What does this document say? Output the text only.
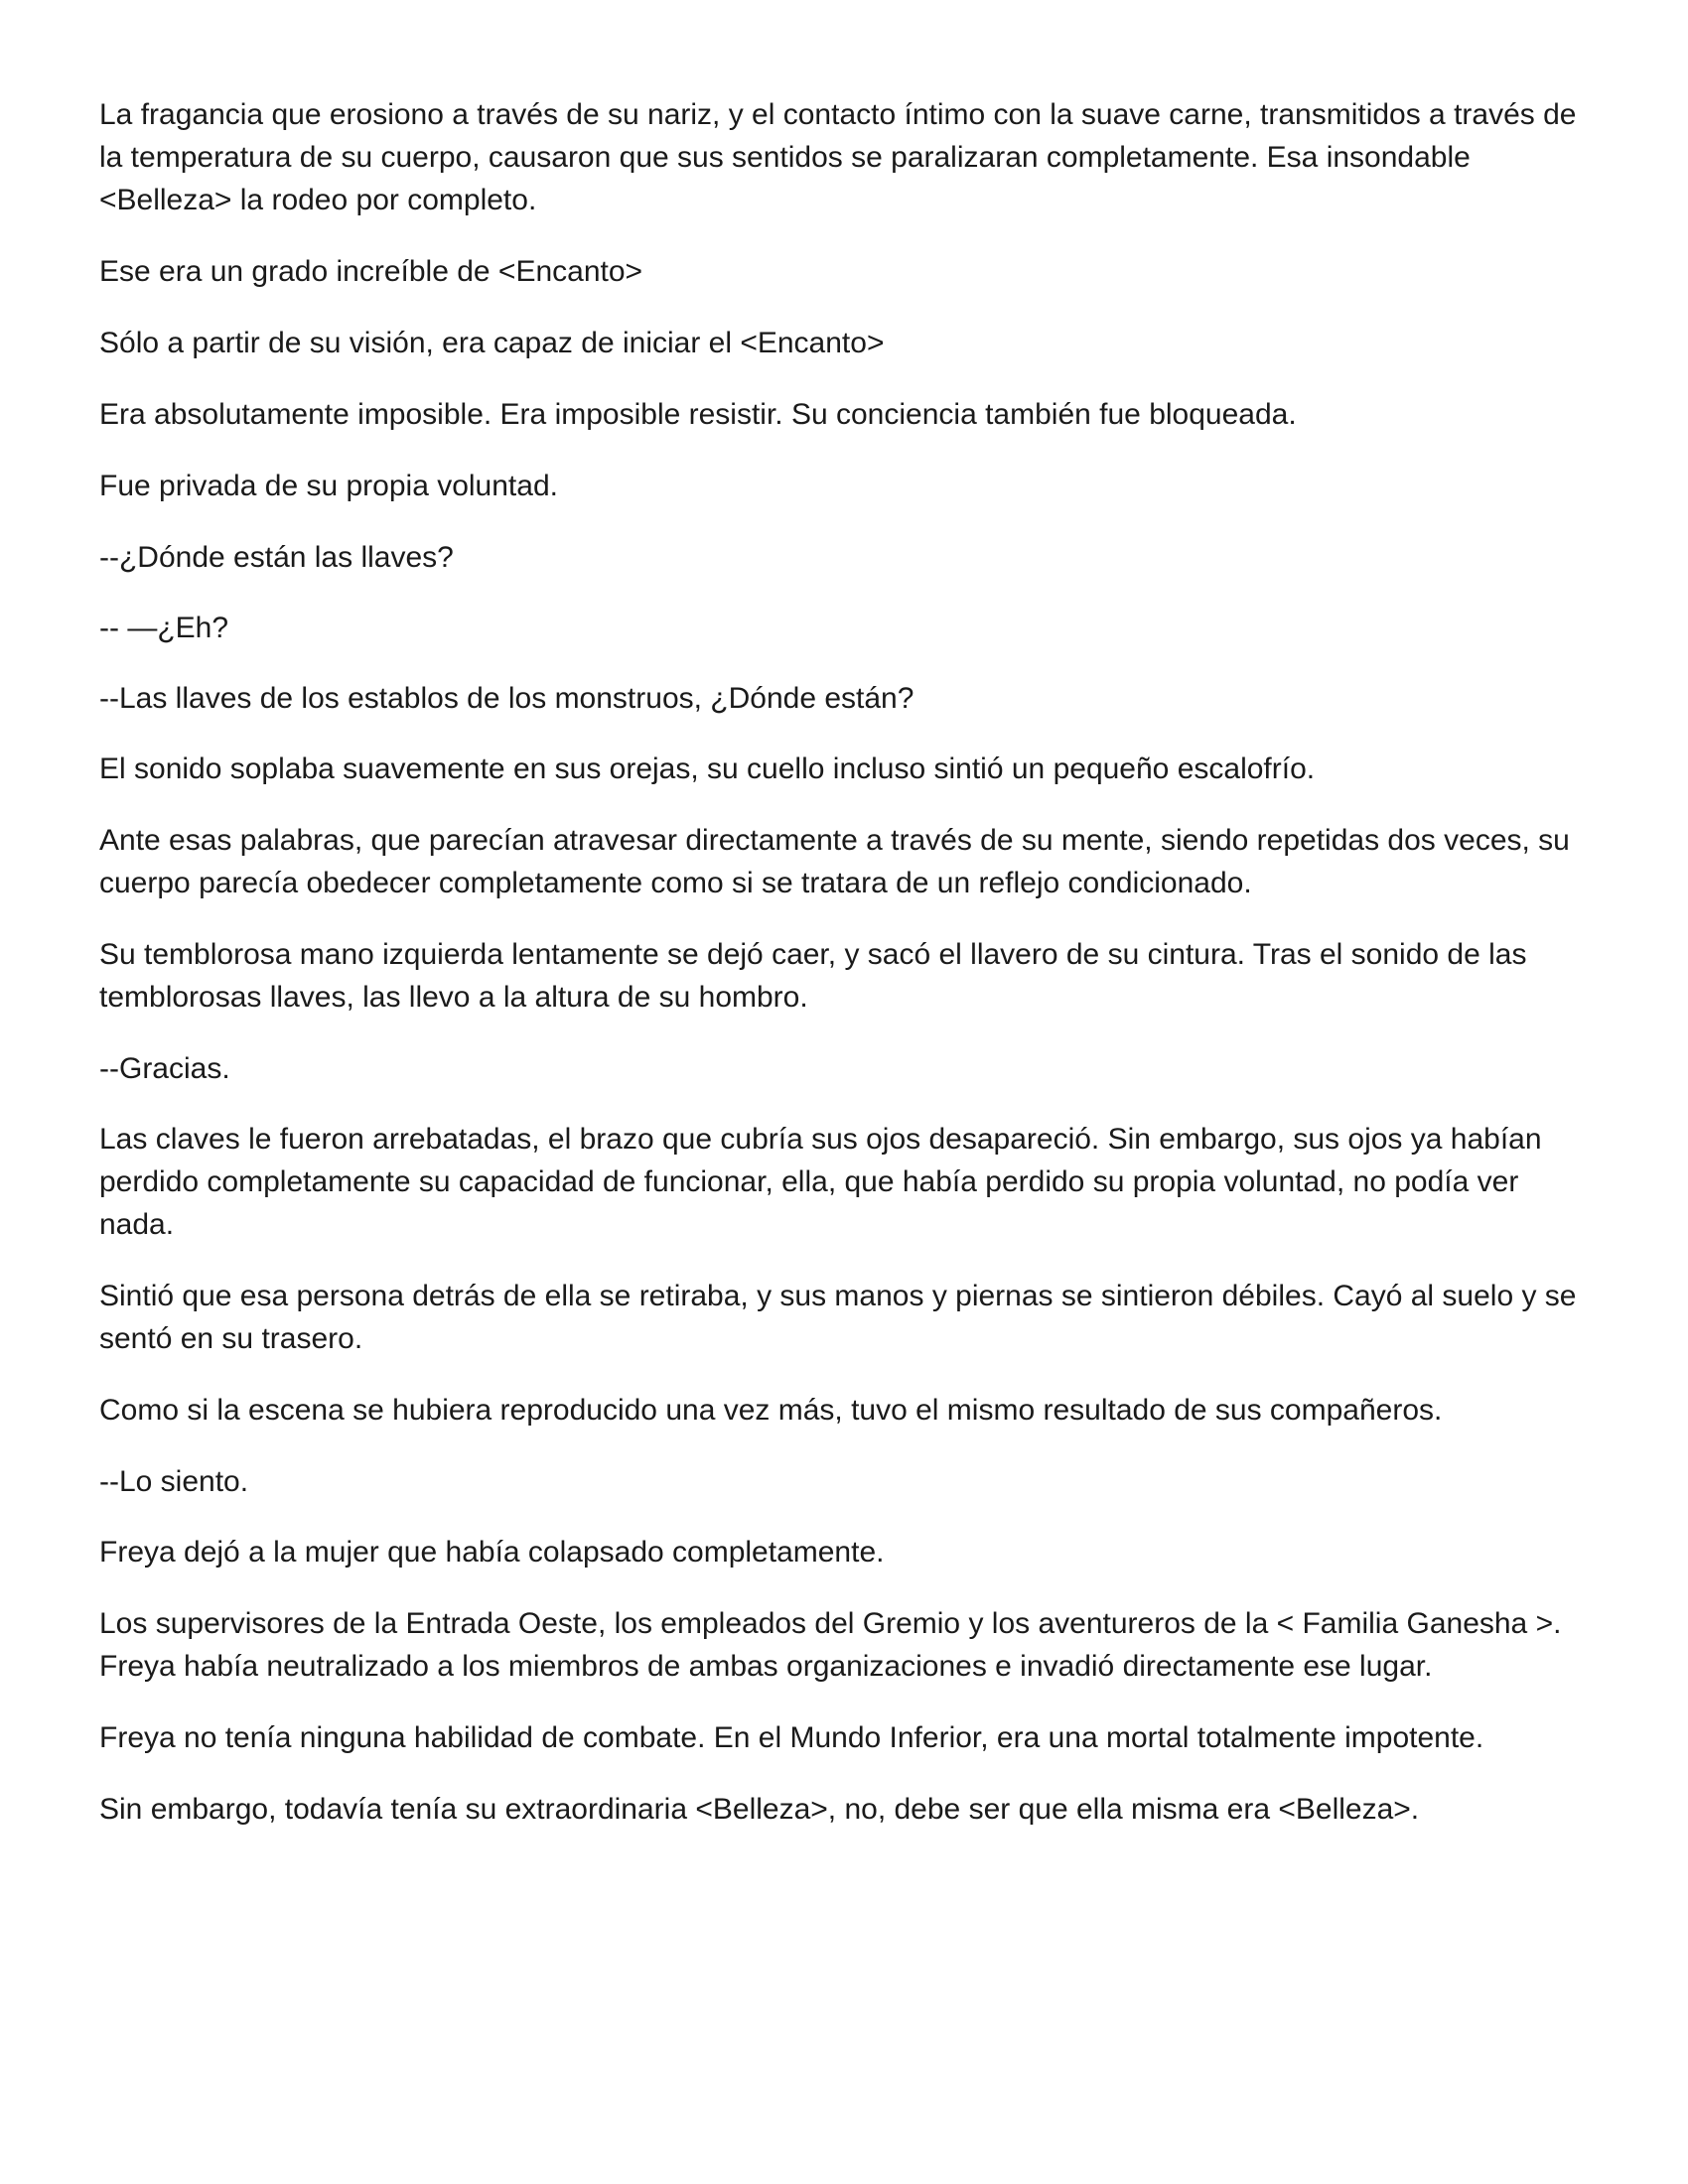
La fragancia que erosiono a través de su nariz, y el contacto íntimo con la suave carne, transmitidos a través de la temperatura de su cuerpo, causaron que sus sentidos se paralizaran completamente. Esa insondable <Belleza> la rodeo por completo.

Ese era un grado increíble de <Encanto>

Sólo a partir de su visión, era capaz de iniciar el <Encanto>

Era absolutamente imposible. Era imposible resistir. Su conciencia también fue bloqueada.

Fue privada de su propia voluntad.

--¿Dónde están las llaves?

-- —¿Eh?

--Las llaves de los establos de los monstruos, ¿Dónde están?

El sonido soplaba suavemente en sus orejas, su cuello incluso sintió un pequeño escalofrío.

Ante esas palabras, que parecían atravesar directamente a través de su mente, siendo repetidas dos veces, su cuerpo parecía obedecer completamente como si se tratara de un reflejo condicionado.

Su temblorosa mano izquierda lentamente se dejó caer, y sacó el llavero de su cintura. Tras el sonido de las temblorosas llaves, las llevo a la altura de su hombro.

--Gracias.

Las claves le fueron arrebatadas, el brazo que cubría sus ojos desapareció. Sin embargo, sus ojos ya habían perdido completamente su capacidad de funcionar, ella, que había perdido su propia voluntad, no podía ver nada.

Sintió que esa persona detrás de ella se retiraba, y sus manos y piernas se sintieron débiles. Cayó al suelo y se sentó en su trasero.

Como si la escena se hubiera reproducido una vez más, tuvo el mismo resultado de sus compañeros.

--Lo siento.

Freya dejó a la mujer que había colapsado completamente.

Los supervisores de la Entrada Oeste, los empleados del Gremio y los aventureros de la < Familia Ganesha >. Freya había neutralizado a los miembros de ambas organizaciones e invadió directamente ese lugar.

Freya no tenía ninguna habilidad de combate. En el Mundo Inferior, era una mortal totalmente impotente.

Sin embargo, todavía tenía su extraordinaria <Belleza>, no, debe ser que ella misma era <Belleza>.
